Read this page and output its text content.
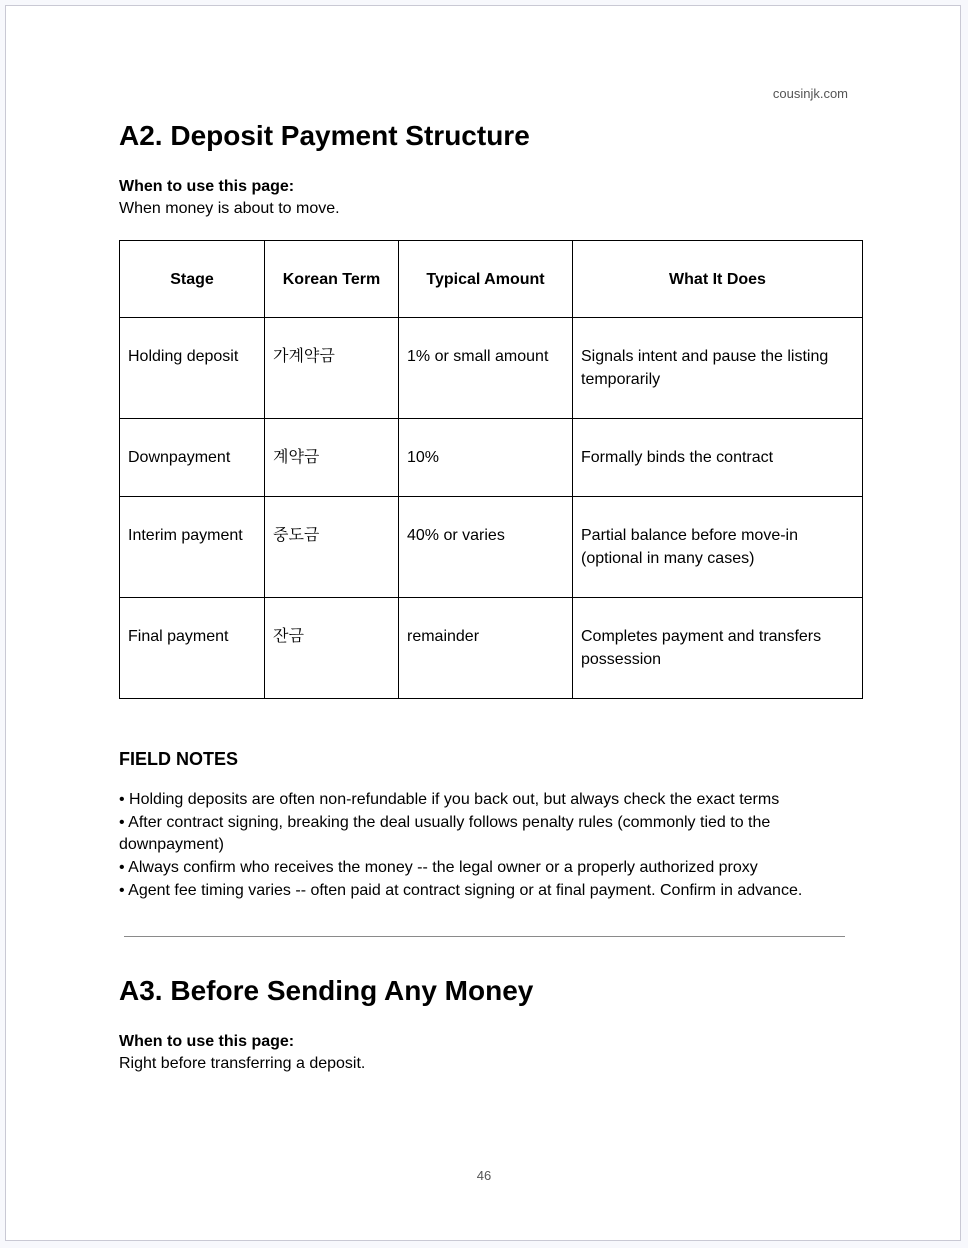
cousinjk.com
A2. Deposit Payment Structure
When to use this page:
When money is about to move.
Stage	Korean Term	Typical Amount	What It Does
Holding deposit	가계약금	1% or small amount	Signals intent and pause the listing temporarily
Downpayment	계약금	10%	Formally binds the contract
Interim payment	중도금	40% or varies	Partial balance before move-in (optional in many cases)
Final payment	잔금	remainder	Completes payment and transfers possession
FIELD NOTES
• Holding deposits are often non-refundable if you back out, but always check the exact terms
• After contract signing, breaking the deal usually follows penalty rules (commonly tied to the downpayment)
• Always confirm who receives the money -- the legal owner or a properly authorized proxy
• Agent fee timing varies -- often paid at contract signing or at final payment. Confirm in advance.
A3. Before Sending Any Money
When to use this page:
Right before transferring a deposit.
46
